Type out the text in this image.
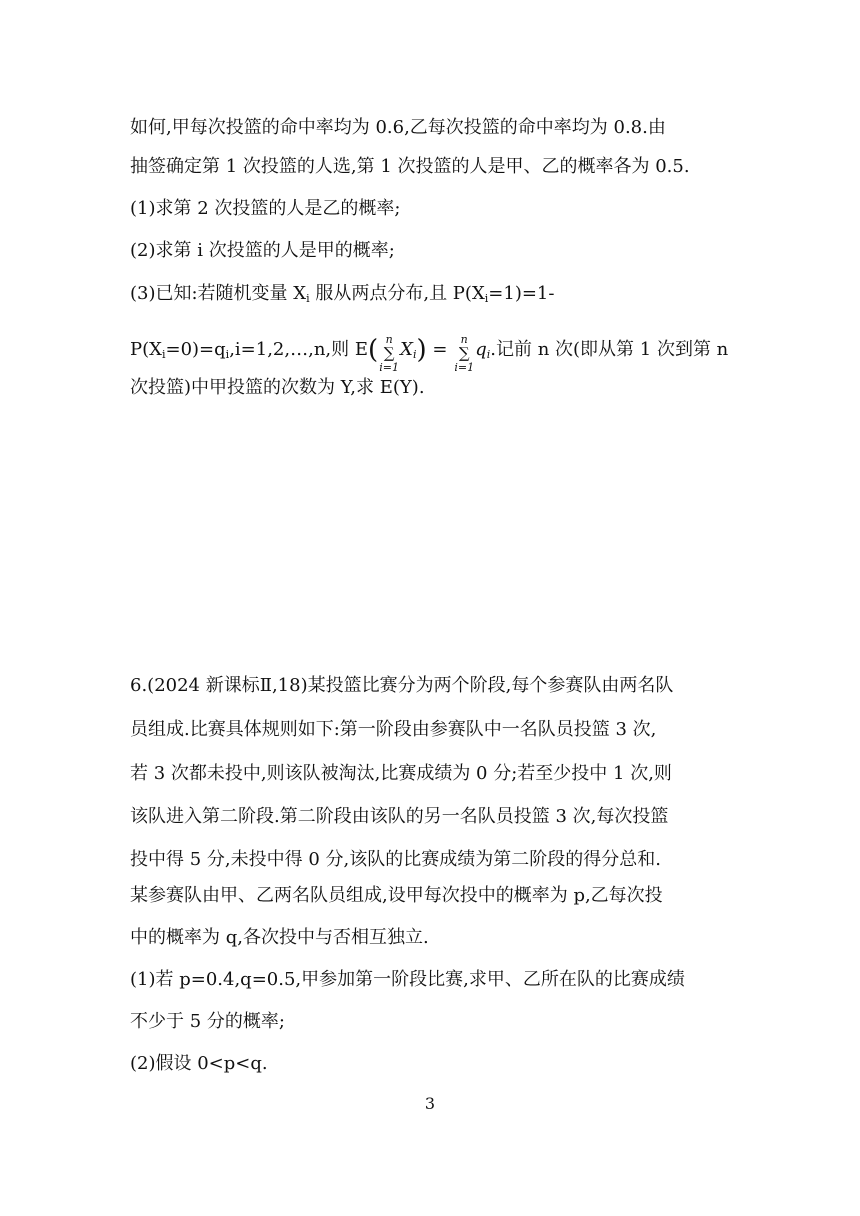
如何,甲每次投篮的命中率均为 0.6,乙每次投篮的命中率均为 0.8.由
抽签确定第 1 次投篮的人选,第 1 次投篮的人是甲、乙的概率各为 0.5.
(1)求第 2 次投篮的人是乙的概率;
(2)求第 i 次投篮的人是甲的概率;
(3)已知:若随机变量 $X_i$ 服从两点分布,且 $P(X_i=1)=1-$
$P(X_i=0)=q_i,i=1,2,\dots,n$,则 E( n
∑
i=1
$X_i) = n$
∑
i=1
$q_i$.记前 n 次(即从第 1 次到第 n
次投篮)中甲投篮的次数为 Y,求 E(Y).
6.(2024 新课标Ⅱ,18)某投篮比赛分为两个阶段,每个参赛队由两名队
员组成.比赛具体规则如下:第一阶段由参赛队中一名队员投篮 3 次,
若 3 次都未投中,则该队被淘汰,比赛成绩为 0 分;若至少投中 1 次,则
该队进入第二阶段.第二阶段由该队的另一名队员投篮 3 次,每次投篮
投中得 5 分,未投中得 0 分,该队的比赛成绩为第二阶段的得分总和.
某参赛队由甲、乙两名队员组成,设甲每次投中的概率为 p,乙每次投
中的概率为 q,各次投中与否相互独立.
(1)若 p=0.4,q=0.5,甲参加第一阶段比赛,求甲、乙所在队的比赛成绩
不少于 5 分的概率;
(2)假设 0<p<q.
3
